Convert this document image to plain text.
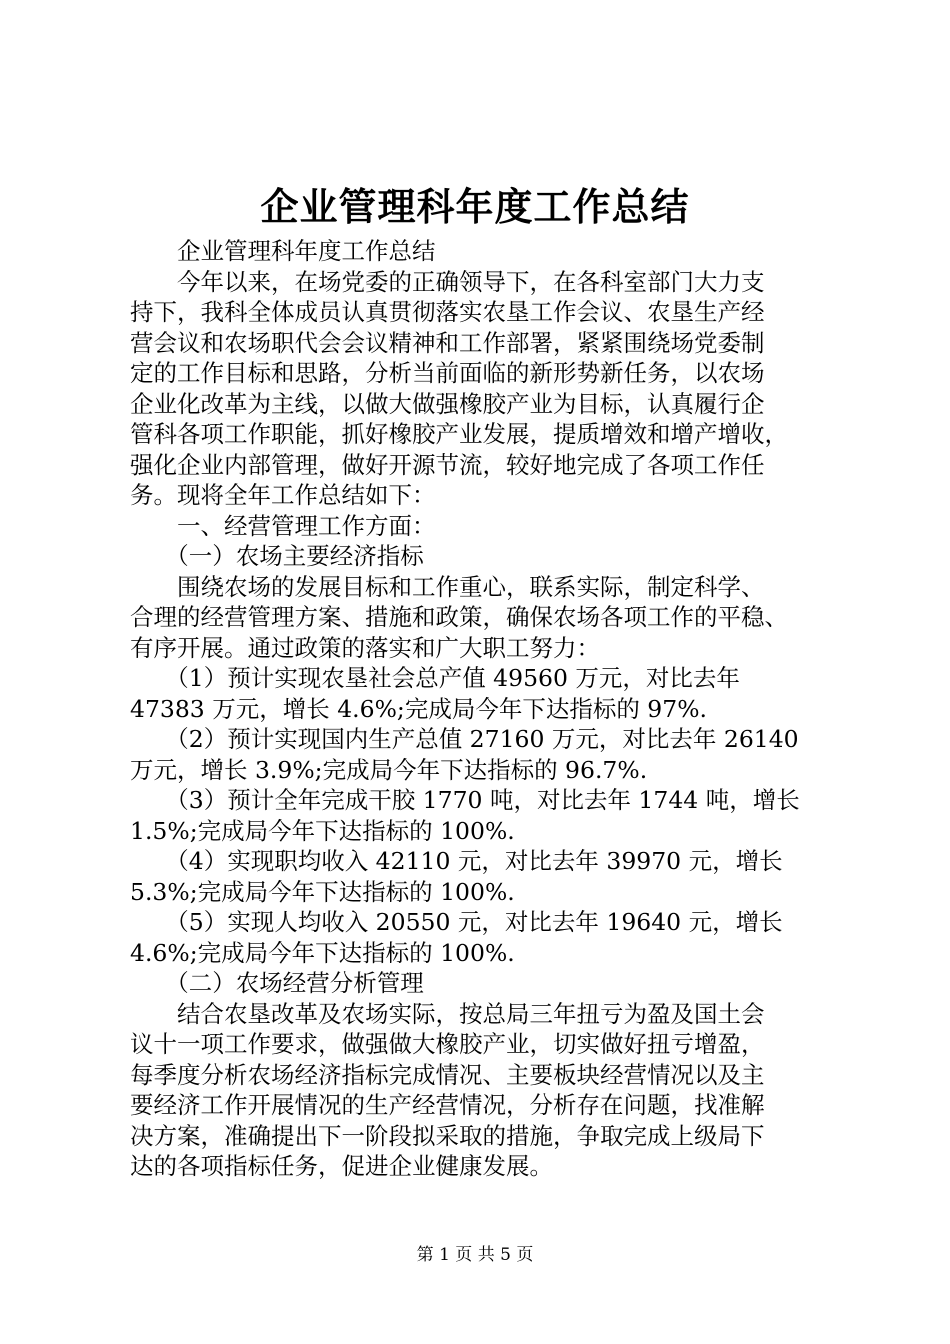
企业管理科年度工作总结
　　企业管理科年度工作总结
　　今年以来，在场党委的正确领导下，在各科室部门大力支
持下，我科全体成员认真贯彻落实农垦工作会议、农垦生产经
营会议和农场职代会会议精神和工作部署，紧紧围绕场党委制
定的工作目标和思路，分析当前面临的新形势新任务，以农场
企业化改革为主线，以做大做强橡胶产业为目标，认真履行企
管科各项工作职能，抓好橡胶产业发展，提质增效和增产增收，
强化企业内部管理，做好开源节流，较好地完成了各项工作任
务。现将全年工作总结如下：
　　一、经营管理工作方面：
　　（一）农场主要经济指标
　　围绕农场的发展目标和工作重心，联系实际，制定科学、
合理的经营管理方案、措施和政策，确保农场各项工作的平稳、
有序开展。通过政策的落实和广大职工努力：
　　（1）预计实现农垦社会总产值 49560 万元，对比去年
47383 万元，增长 4.6%;完成局今年下达指标的 97%.
　　（2）预计实现国内生产总值 27160 万元，对比去年 26140
万元，增长 3.9%;完成局今年下达指标的 96.7%.
　　（3）预计全年完成干胶 1770 吨，对比去年 1744 吨，增长
1.5%;完成局今年下达指标的 100%.
　　（4）实现职均收入 42110 元，对比去年 39970 元，增长
5.3%;完成局今年下达指标的 100%.
　　（5）实现人均收入 20550 元，对比去年 19640 元，增长
4.6%;完成局今年下达指标的 100%.
　　（二）农场经营分析管理
　　结合农垦改革及农场实际，按总局三年扭亏为盈及国土会
议十一项工作要求，做强做大橡胶产业，切实做好扭亏增盈，
每季度分析农场经济指标完成情况、主要板块经营情况以及主
要经济工作开展情况的生产经营情况，分析存在问题，找准解
决方案，准确提出下一阶段拟采取的措施，争取完成上级局下
达的各项指标任务，促进企业健康发展。
第 1 页 共 5 页
